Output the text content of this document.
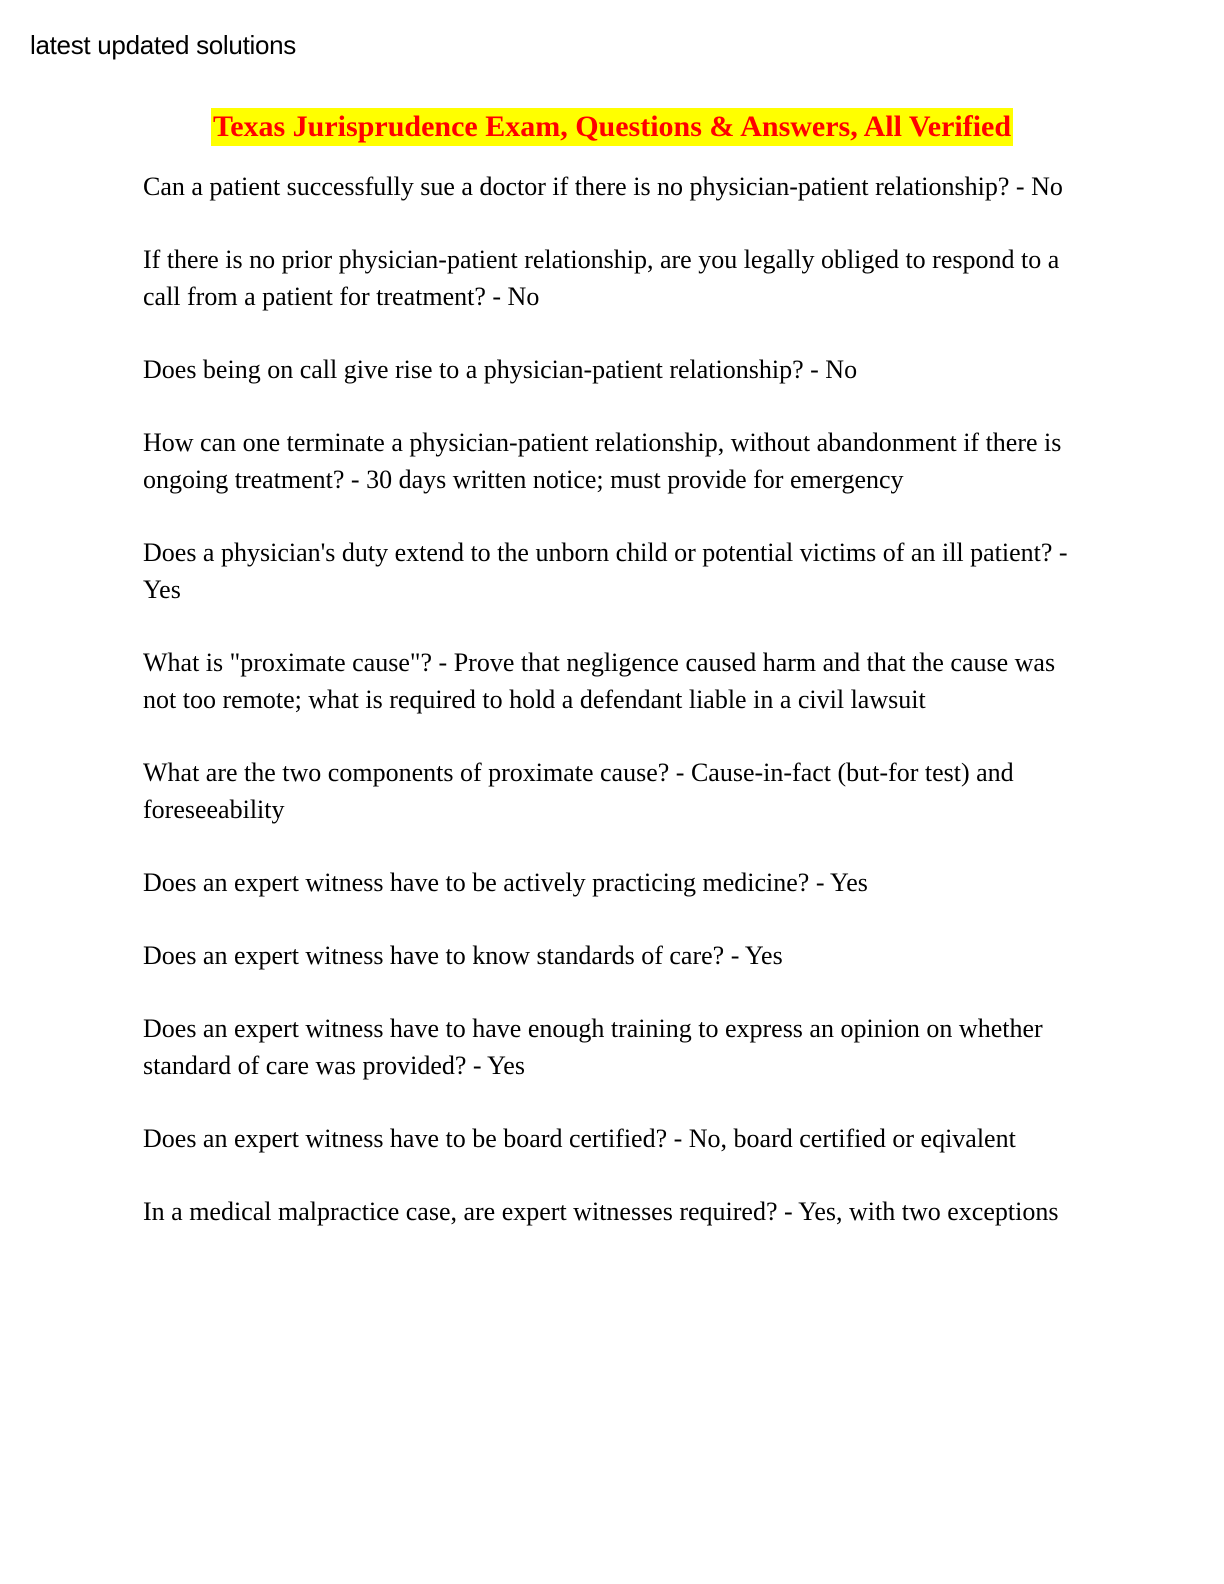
latest updated solutions
Texas Jurisprudence Exam, Questions & Answers, All Verified

Can a patient successfully sue a doctor if there is no physician-patient relationship? - No

If there is no prior physician-patient relationship, are you legally obliged to respond to a call from a patient for treatment? - No

Does being on call give rise to a physician-patient relationship? - No

How can one terminate a physician-patient relationship, without abandonment if there is ongoing treatment? - 30 days written notice; must provide for emergency

Does a physician's duty extend to the unborn child or potential victims of an ill patient? - Yes

What is "proximate cause"? - Prove that negligence caused harm and that the cause was not too remote; what is required to hold a defendant liable in a civil lawsuit

What are the two components of proximate cause? - Cause-in-fact (but-for test) and foreseeability

Does an expert witness have to be actively practicing medicine? - Yes

Does an expert witness have to know standards of care? - Yes

Does an expert witness have to have enough training to express an opinion on whether standard of care was provided? - Yes

Does an expert witness have to be board certified? - No, board certified or eqivalent

In a medical malpractice case, are expert witnesses required? - Yes, with two exceptions
